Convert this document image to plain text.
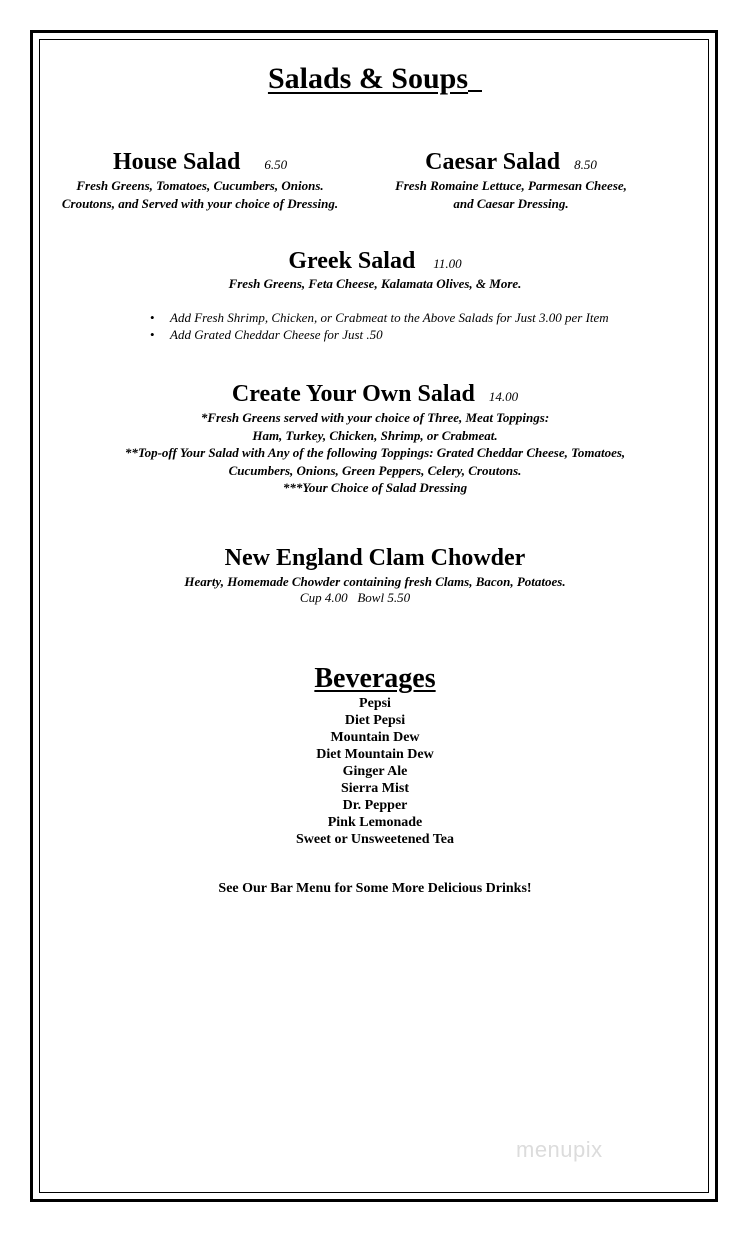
Salads & Soups
House Salad 6.50
Fresh Greens, Tomatoes, Cucumbers, Onions.
Croutons, and Served with your choice of Dressing.
Caesar Salad 8.50
Fresh Romaine Lettuce, Parmesan Cheese,
and Caesar Dressing.
Greek Salad 11.00
Fresh Greens, Feta Cheese, Kalamata Olives, & More.
• Add Fresh Shrimp, Chicken, or Crabmeat to the Above Salads for Just 3.00 per Item
• Add Grated Cheddar Cheese for Just .50
Create Your Own Salad 14.00
*Fresh Greens served with your choice of Three, Meat Toppings:
Ham, Turkey, Chicken, Shrimp, or Crabmeat.
**Top-off Your Salad with Any of the following Toppings: Grated Cheddar Cheese, Tomatoes,
Cucumbers, Onions, Green Peppers, Celery, Croutons.
***Your Choice of Salad Dressing
New England Clam Chowder
Hearty, Homemade Chowder containing fresh Clams, Bacon, Potatoes.
Cup 4.00   Bowl 5.50
Beverages
Pepsi
Diet Pepsi
Mountain Dew
Diet Mountain Dew
Ginger Ale
Sierra Mist
Dr. Pepper
Pink Lemonade
Sweet or Unsweetened Tea
See Our Bar Menu for Some More Delicious Drinks!
menupix
